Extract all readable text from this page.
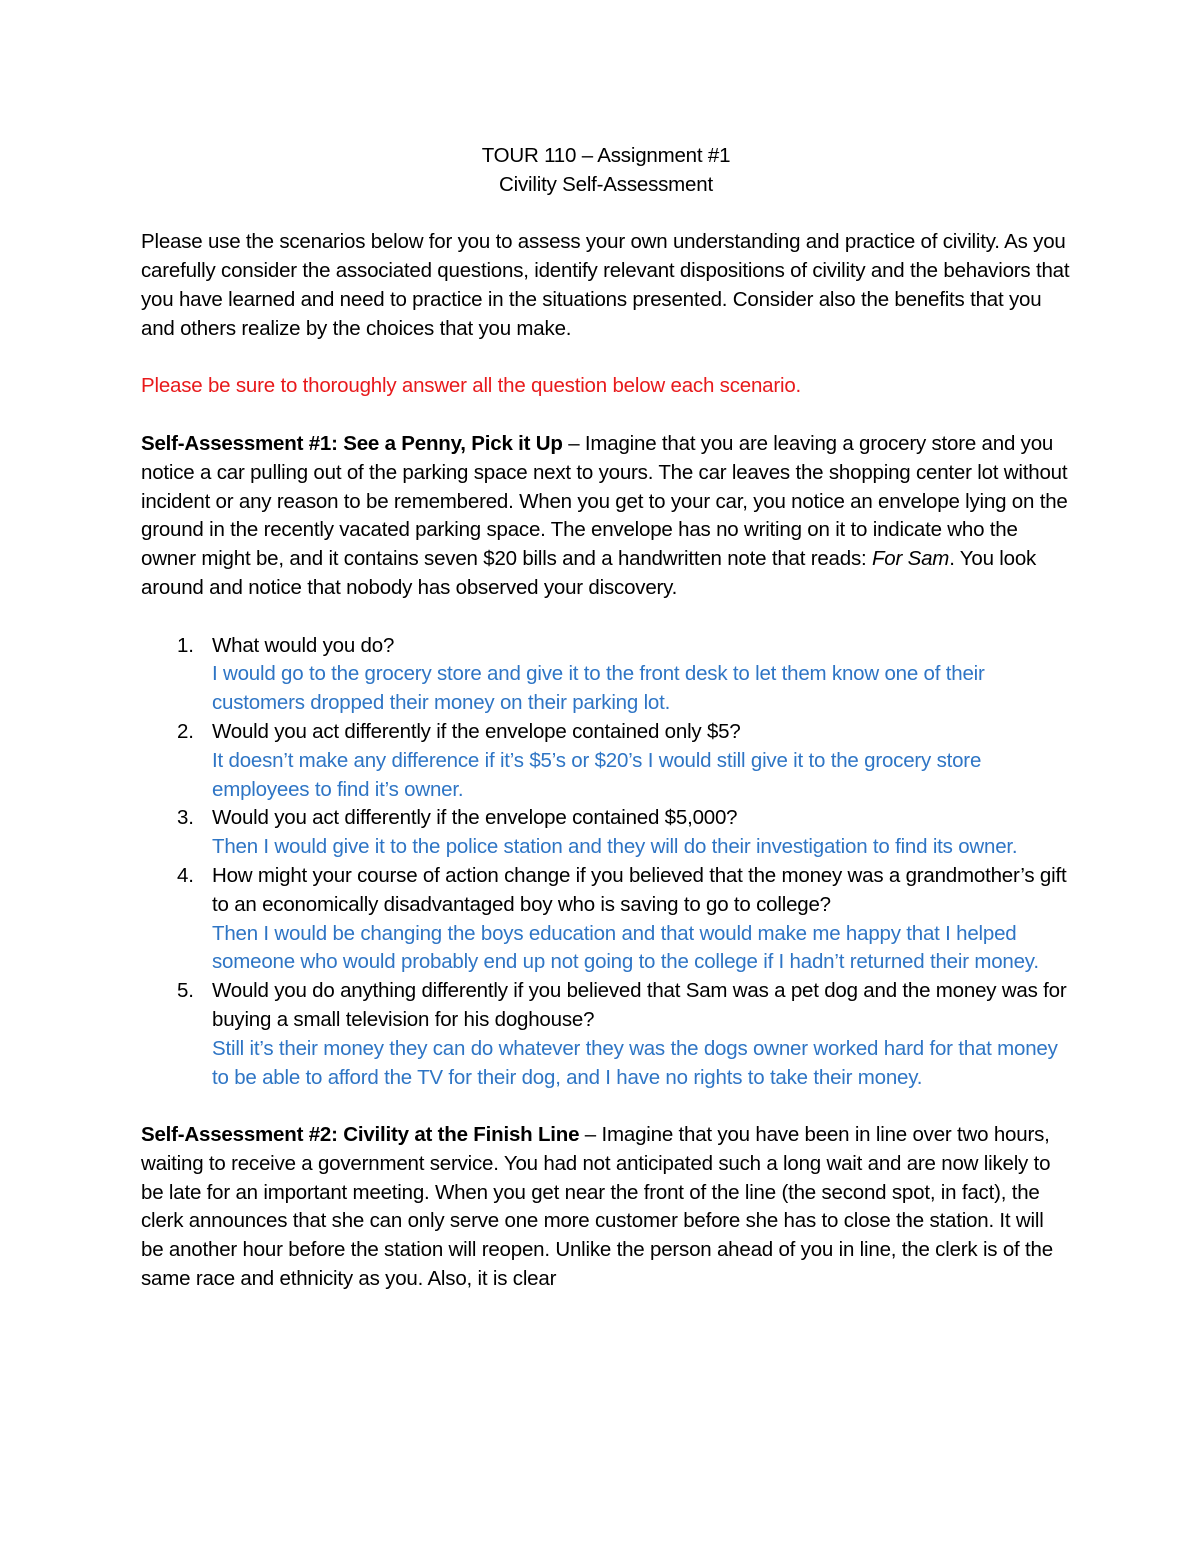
TOUR 110 – Assignment #1
Civility Self-Assessment

Please use the scenarios below for you to assess your own understanding and practice of civility. As you carefully consider the associated questions, identify relevant dispositions of civility and the behaviors that you have learned and need to practice in the situations presented. Consider also the benefits that you and others realize by the choices that you make.

Please be sure to thoroughly answer all the question below each scenario.

Self-Assessment #1: See a Penny, Pick it Up – Imagine that you are leaving a grocery store and you notice a car pulling out of the parking space next to yours. The car leaves the shopping center lot without incident or any reason to be remembered. When you get to your car, you notice an envelope lying on the ground in the recently vacated parking space. The envelope has no writing on it to indicate who the owner might be, and it contains seven $20 bills and a handwritten note that reads: For Sam. You look around and notice that nobody has observed your discovery.

1. What would you do?
I would go to the grocery store and give it to the front desk to let them know one of their customers dropped their money on their parking lot.
2. Would you act differently if the envelope contained only $5?
It doesn’t make any difference if it’s $5’s or $20’s I would still give it to the grocery store employees to find it’s owner.
3. Would you act differently if the envelope contained $5,000?
Then I would give it to the police station and they will do their investigation to find its owner.
4. How might your course of action change if you believed that the money was a grandmother’s gift to an economically disadvantaged boy who is saving to go to college?
Then I would be changing the boys education and that would make me happy that I helped someone who would probably end up not going to the college if I hadn’t returned their money.
5. Would you do anything differently if you believed that Sam was a pet dog and the money was for buying a small television for his doghouse?
Still it’s their money they can do whatever they was the dogs owner worked hard for that money to be able to afford the TV for their dog, and I have no rights to take their money.

Self-Assessment #2: Civility at the Finish Line – Imagine that you have been in line over two hours, waiting to receive a government service. You had not anticipated such a long wait and are now likely to be late for an important meeting. When you get near the front of the line (the second spot, in fact), the clerk announces that she can only serve one more customer before she has to close the station. It will be another hour before the station will reopen. Unlike the person ahead of you in line, the clerk is of the same race and ethnicity as you. Also, it is clear
